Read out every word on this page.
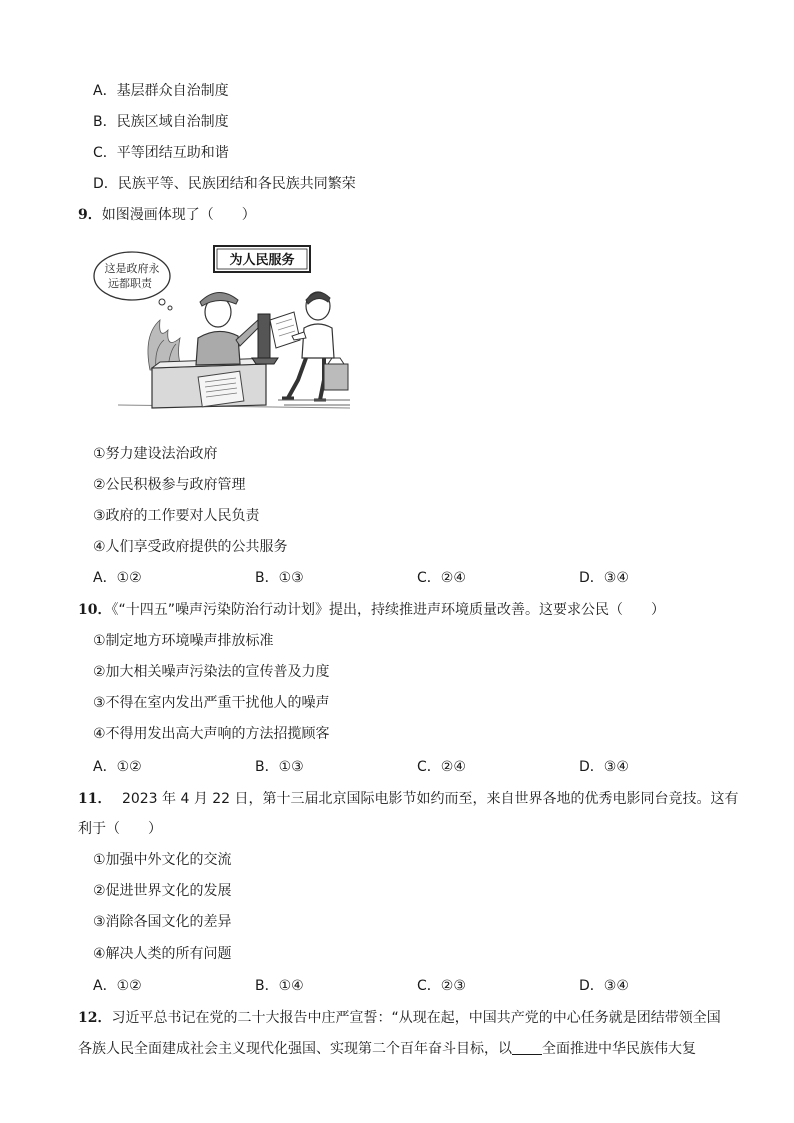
A．基层群众自治制度
B．民族区域自治制度
C．平等团结互助和谐
D．民族平等、民族团结和各民族共同繁荣
9．如图漫画体现了（　　）
这是政府永
远都职责
为人民服务
①努力建设法治政府
②公民积极参与政府管理
③政府的工作要对人民负责
④人们享受政府提供的公共服务
A．①②	B．①③	C．②④	D．③④
10．《“十四五”噪声污染防治行动计划》提出，持续推进声环境质量改善。这要求公民（　　）
①制定地方环境噪声排放标准
②加大相关噪声污染法的宣传普及力度
③不得在室内发出严重干扰他人的噪声
④不得用发出高大声响的方法招揽顾客
A．①②	B．①③	C．②④	D．③④
11． 2023 年 4 月 22 日，第十三届北京国际电影节如约而至，来自世界各地的优秀电影同台竞技。这有
利于（　　）
①加强中外文化的交流
②促进世界文化的发展
③消除各国文化的差异
④解决人类的所有问题
A．①②	B．①④	C．②③	D．③④
12．习近平总书记在党的二十大报告中庄严宣誓：“从现在起，中国共产党的中心任务就是团结带领全国
各族人民全面建成社会主义现代化强国、实现第二个百年奋斗目标，以 全面推进中华民族伟大复
